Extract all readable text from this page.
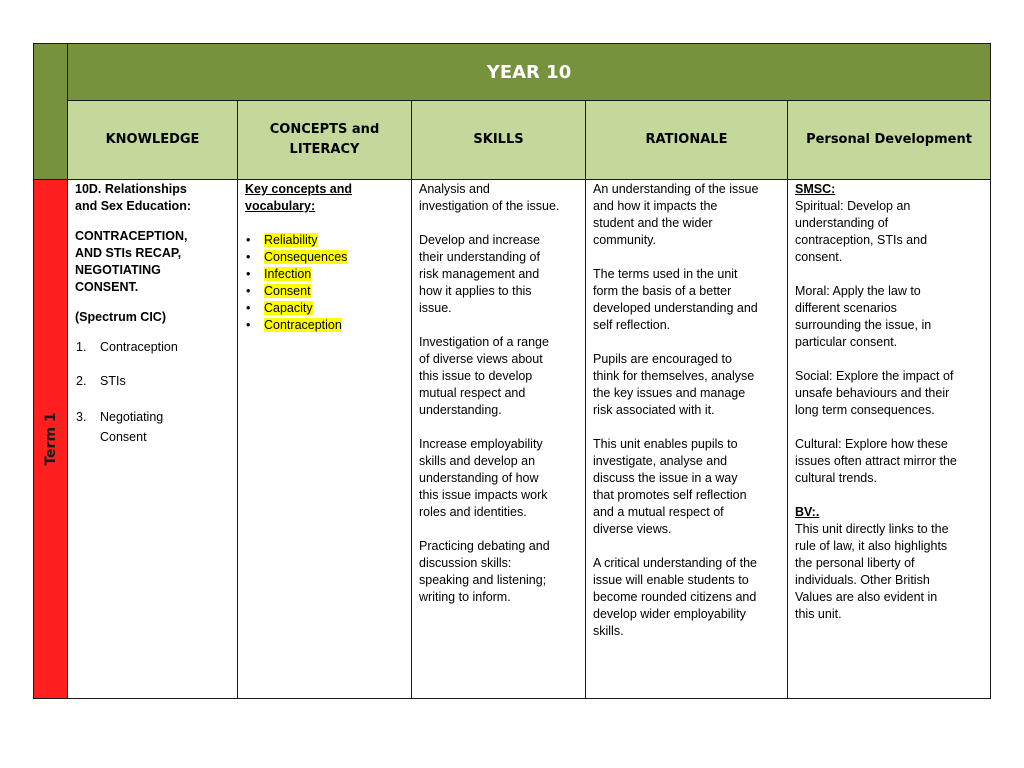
Term 1
YEAR 10
KNOWLEDGE
CONCEPTS and
LITERACY
SKILLS	RATIONALE	Personal Development

10D. Relationships

and Sex Education:

CONTRACEPTION,

AND STIs RECAP,

NEGOTIATING

CONSENT.

(Spectrum CIC)

1. Contraception
2. STIs
3. Negotiating
Consent

Key concepts and

vocabulary:

• Reliability
• Consequences
• Infection
• Consent
• Capacity
• Contraception

Analysis and

investigation of the issue.

Develop and increase

their understanding of

risk management and

how it applies to this

issue.

Investigation of a range

of diverse views about

this issue to develop

mutual respect and

understanding.

Increase employability

skills and develop an

understanding of how

this issue impacts work

roles and identities.

Practicing debating and

discussion skills:

speaking and listening;

writing to inform.

An understanding of the issue

and how it impacts the

student and the wider

community.

The terms used in the unit

form the basis of a better

developed understanding and

self reflection.

Pupils are encouraged to

think for themselves, analyse

the key issues and manage

risk associated with it.

This unit enables pupils to

investigate, analyse and

discuss the issue in a way

that promotes self reflection

and a mutual respect of

diverse views.

A critical understanding of the

issue will enable students to

become rounded citizens and

develop wider employability

skills.

SMSC:

Spiritual: Develop an

understanding of

contraception, STIs and

consent.

Moral: Apply the law to

different scenarios

surrounding the issue, in

particular consent.

Social: Explore the impact of

unsafe behaviours and their

long term consequences.

Cultural: Explore how these

issues often attract mirror the

cultural trends.

BV:.

This unit directly links to the

rule of law, it also highlights

the personal liberty of

individuals. Other British

Values are also evident in

this unit.
